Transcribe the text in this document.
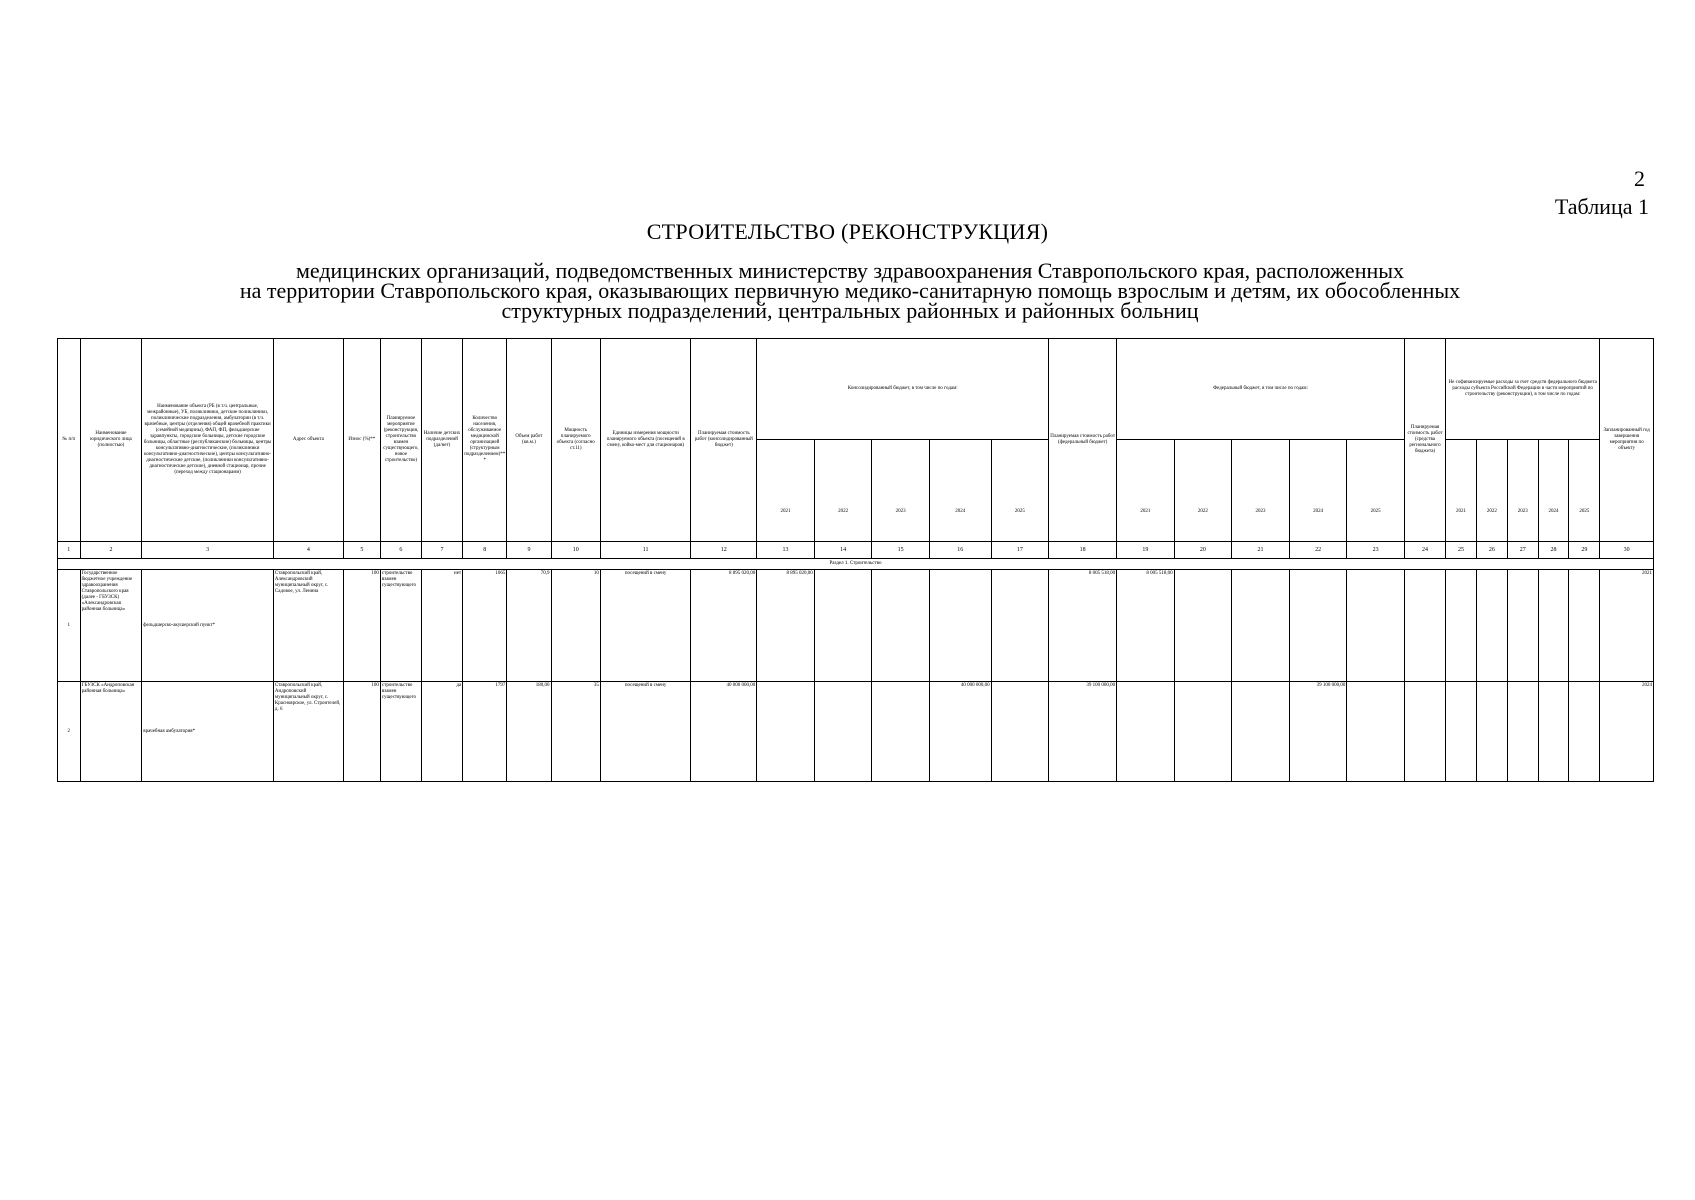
2
Таблица 1
СТРОИТЕЛЬСТВО (РЕКОНСТРУКЦИЯ)
медицинских организаций, подведомственных министерству здравоохранения Ставропольского края, расположенных
на территории Ставропольского края, оказывающих первичную медико-санитарную помощь взрослым и детям, их обособленных
структурных подразделений, центральных районных и районных больниц
№ п/п	Наименование юридического лица (полностью)	Наименование объекта (РБ (в т.ч. центральные, межрайонные), УБ, поликлиники, детские поликлиники, поликлинические подразделения, амбулатории (в т.ч. врачебные, центры (отделения) общей врачебной практики (семейной медицины), ФАП, ФП, фельдшерские здравпункты, городские больницы, детские городские больницы, областные (республиканские) больницы, центры консультативно-диагностические, (поликлиники консультативно-диагностические), центры консультативно-диагностические детские, (поликлиники консультативно-диагностические детские), дневной стационар, прочие (переход между стационарами)	Адрес объекта	Износ (%)**	Планируемое мероприятие (реконструкция, строительство взамен существующего, новое строительство)	Наличие детских подразделений (да/нет)	Количество населения, обслуживаемое медицинской организацией (структурным подразделением)***	Объем работ (кв.м.)	Мощность планируемого объекта (согласно ст.11)	Единицы измерения мощности планируемого объекта (посещений в смену, койко-мест для стационаров)	Планируемая стоимость работ (консолидированный бюджет)	Консолидированный бюджет, в том числе по годам:					Планируемая стоимость работ (федеральный бюджет)	Федеральный бюджет, в том числе по годам:					Планируемая стоимость работ (средства регионального бюджета)	Не софинансируемые расходы за счет средств федерального бюджета расходы субъекта Российской Федерации в части мероприятий по строительству (реконструкции), в том числе по годам:					Запланированный год завершения мероприятия по объекту
												2021	2022	2023	2024	2025		2021	2022	2023	2024	2025		2021	2022	2023	2024	2025	
1	2	3	4	5	6	7	8	9	10	11	12	13	14	15	16	17	18	19	20	21	22	23	24	25	26	27	28	29	30
Раздел 1. Строительство																													
1	Государственное бюджетное учреждение здравоохранения Ставропольского края (далее - ГБУЗСК) «Александровская районная больница»	фельдшерско-акушерский пункт*	Ставропольский край, Александровский муниципальный округ, с. Садовое, ул. Ленина	100	строительство взамен существующего	нет	1065	70,9	10	посещений в смену	8 895 020,00	8 895 020,00					8 005 518,00	8 005 518,00											2021
2	ГБУЗСК «Андроповская районная больница»	врачебная амбулатория*	Ставропольский край, Андроповский муниципальный округ, с. Красноярское, ул. Строителей, д. 6	100	строительство взамен существующего	да	1797	180,00	35	посещений в смену	40 000 000,00				40 000 000,00		39 100 000,00				39 100 000,00								2024
